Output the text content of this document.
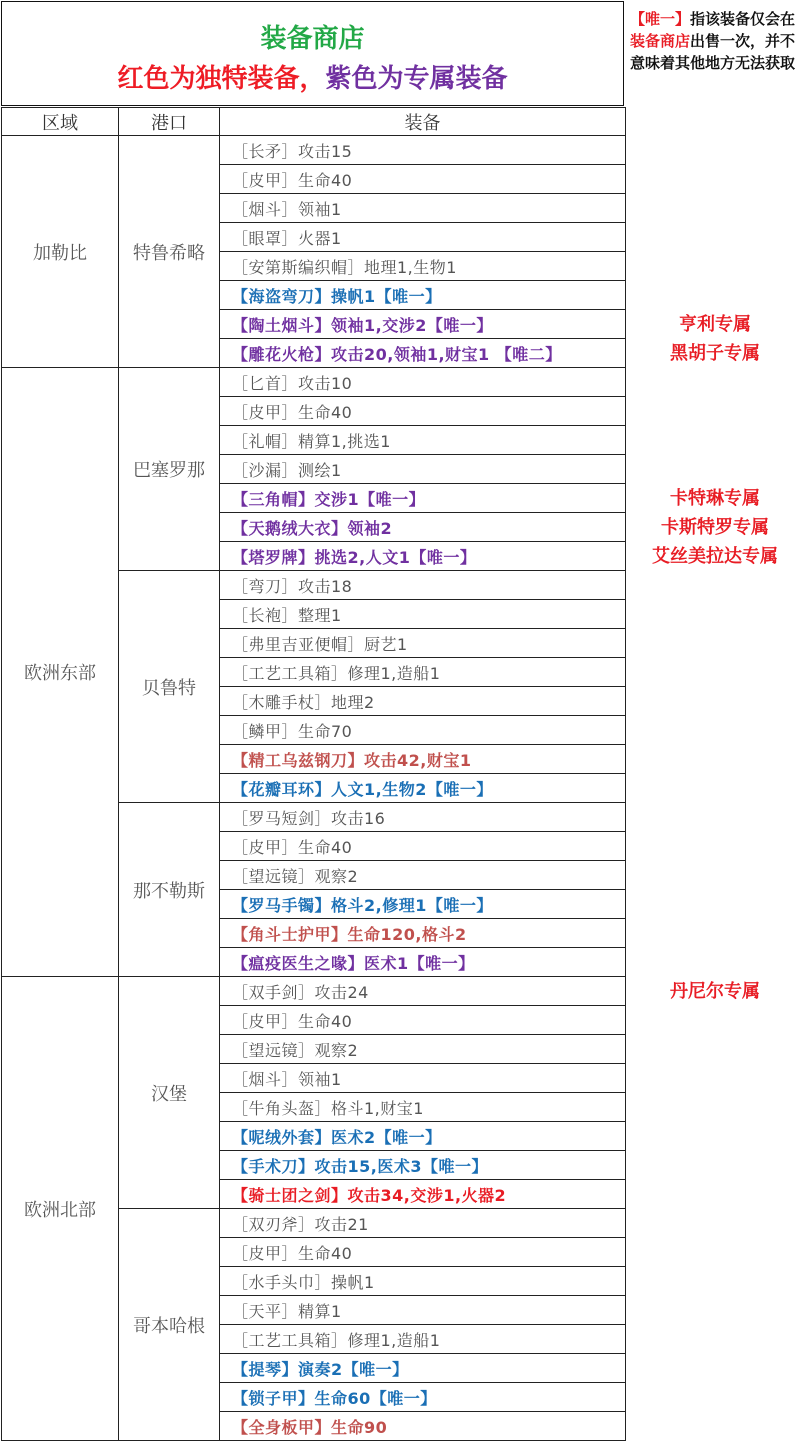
装备商店
红色为独特装备，紫色为专属装备
【唯一】指该装备仅会在装备商店出售一次，并不意味着其他地方无法获取
区域	港口	装备
加勒比	特鲁希略	［长矛］攻击15
		［皮甲］生命40
		［烟斗］领袖1
		［眼罩］火器1
		［安第斯编织帽］地理1,生物1
		【海盗弯刀】操帆1【唯一】
		【陶土烟斗】领袖1,交涉2【唯一】
		【雕花火枪】攻击20,领袖1,财宝1 【唯二】
欧洲东部	巴塞罗那	［匕首］攻击10
		［皮甲］生命40
		［礼帽］精算1,挑选1
		［沙漏］测绘1
		【三角帽】交涉1【唯一】
		【天鹅绒大衣】领袖2
		【塔罗牌】挑选2,人文1【唯一】
	贝鲁特	［弯刀］攻击18
		［长袍］整理1
		［弗里吉亚便帽］厨艺1
		［工艺工具箱］修理1,造船1
		［木雕手杖］地理2
		［鳞甲］生命70
		【精工乌兹钢刀】攻击42,财宝1
		【花瓣耳环】人文1,生物2【唯一】
	那不勒斯	［罗马短剑］攻击16
		［皮甲］生命40
		［望远镜］观察2
		【罗马手镯】格斗2,修理1【唯一】
		【角斗士护甲】生命120,格斗2
		【瘟疫医生之喙】医术1【唯一】
欧洲北部	汉堡	［双手剑］攻击24
		［皮甲］生命40
		［望远镜］观察2
		［烟斗］领袖1
		［牛角头盔］格斗1,财宝1
		【呢绒外套】医术2【唯一】
		【手术刀】攻击15,医术3【唯一】
		【骑士团之剑】攻击34,交涉1,火器2
	哥本哈根	［双刃斧］攻击21
		［皮甲］生命40
		［水手头巾］操帆1
		［天平］精算1
		［工艺工具箱］修理1,造船1
		【提琴】演奏2【唯一】
		【锁子甲】生命60【唯一】
		【全身板甲】生命90
亨利专属
黑胡子专属
卡特琳专属
卡斯特罗专属
艾丝美拉达专属
丹尼尔专属
